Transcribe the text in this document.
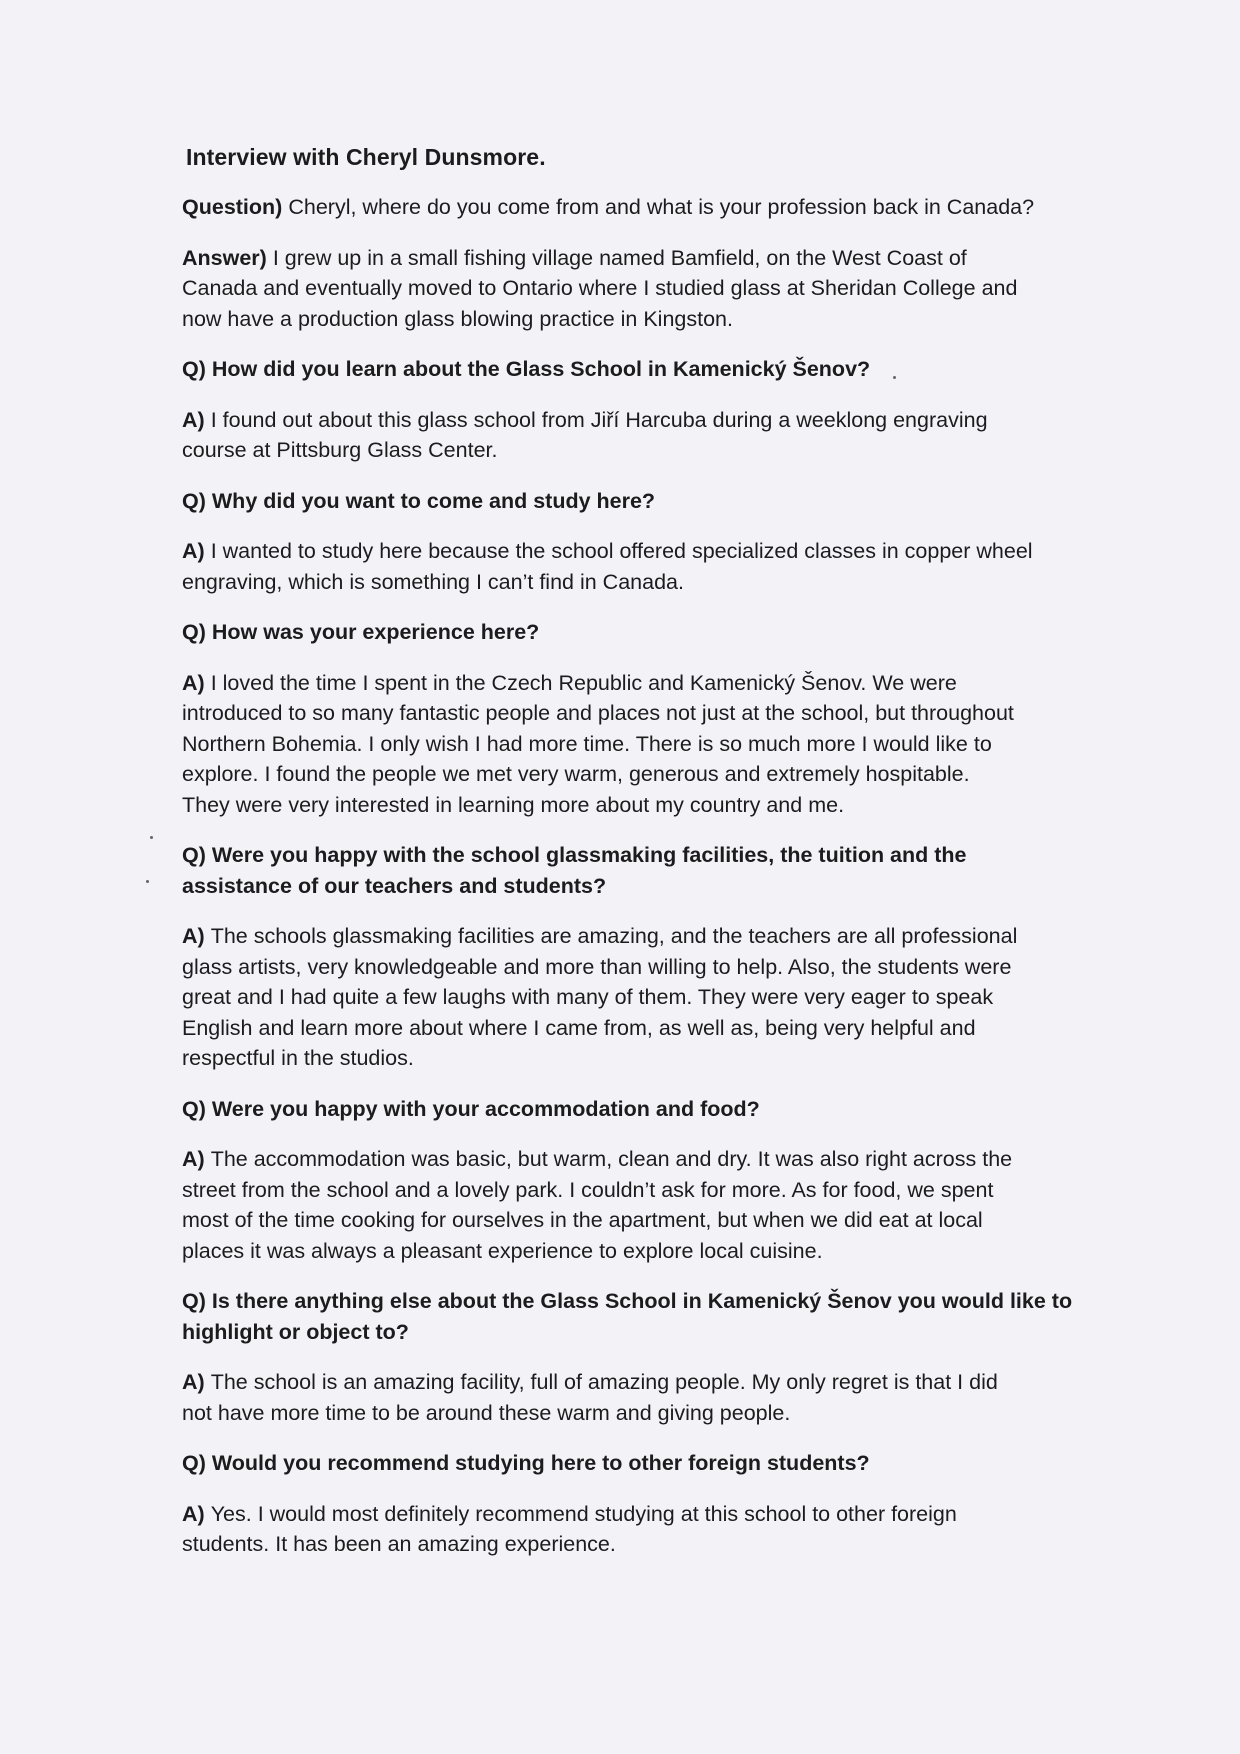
Interview with Cheryl Dunsmore.
Question) Cheryl, where do you come from and what is your profession back in Canada?
Answer) I grew up in a small fishing village named Bamfield, on the West Coast of
Canada and eventually moved to Ontario where I studied glass at Sheridan College and
now have a production glass blowing practice in Kingston.
Q) How did you learn about the Glass School in Kamenický Šenov?
A) I found out about this glass school from Jiří Harcuba during a weeklong engraving
course at Pittsburg Glass Center.
Q) Why did you want to come and study here?
A) I wanted to study here because the school offered specialized classes in copper wheel
engraving, which is something I can’t find in Canada.
Q) How was your experience here?
A) I loved the time I spent in the Czech Republic and Kamenický Šenov. We were
introduced to so many fantastic people and places not just at the school, but throughout
Northern Bohemia. I only wish I had more time. There is so much more I would like to
explore. I found the people we met very warm, generous and extremely hospitable.
They were very interested in learning more about my country and me.
Q) Were you happy with the school glassmaking facilities, the tuition and the
assistance of our teachers and students?
A) The schools glassmaking facilities are amazing, and the teachers are all professional
glass artists, very knowledgeable and more than willing to help. Also, the students were
great and I had quite a few laughs with many of them. They were very eager to speak
English and learn more about where I came from, as well as, being very helpful and
respectful in the studios.
Q) Were you happy with your accommodation and food?
A) The accommodation was basic, but warm, clean and dry. It was also right across the
street from the school and a lovely park. I couldn’t ask for more. As for food, we spent
most of the time cooking for ourselves in the apartment, but when we did eat at local
places it was always a pleasant experience to explore local cuisine.
Q) Is there anything else about the Glass School in Kamenický Šenov you would like to
highlight or object to?
A) The school is an amazing facility, full of amazing people. My only regret is that I did
not have more time to be around these warm and giving people.
Q) Would you recommend studying here to other foreign students?
A) Yes. I would most definitely recommend studying at this school to other foreign
students. It has been an amazing experience.
